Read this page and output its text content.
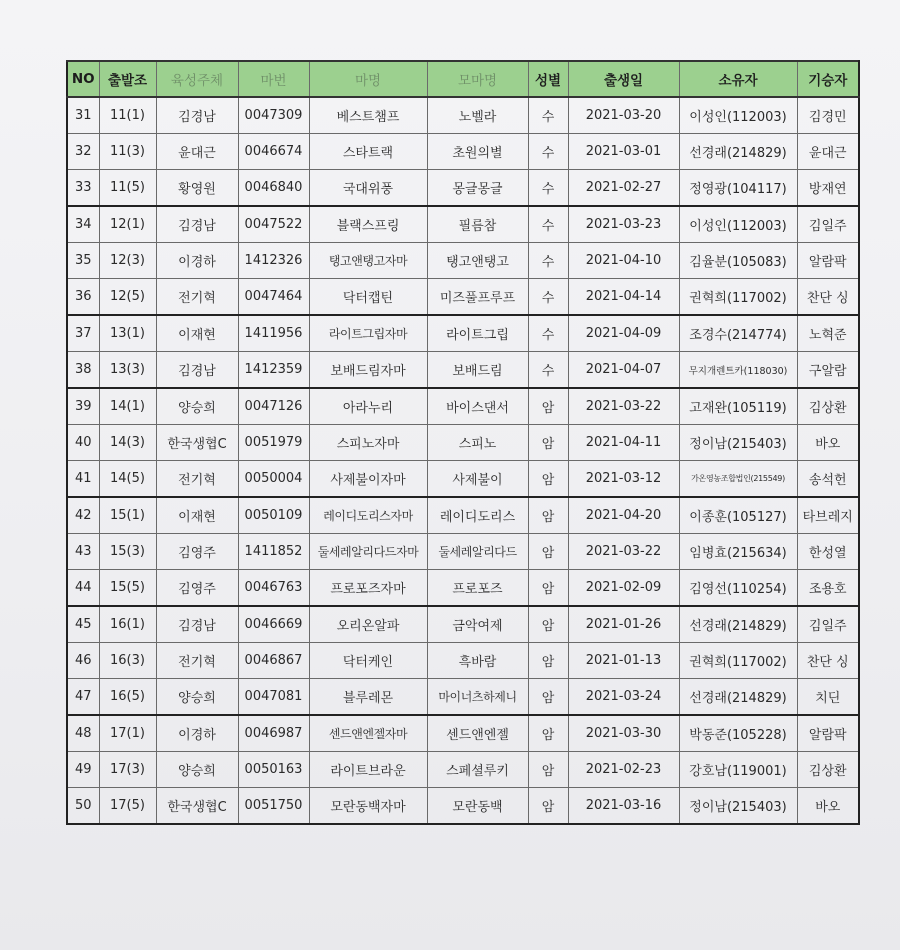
NO	출발조	육성주체	마번	마명	모마명	성별	출생일	소유자	기승자
31	11(1)	김경남	0047309	베스트챔프	노벨라	수	2021-03-20	이성인(112003)	김경민
32	11(3)	윤대근	0046674	스타트랙	초원의별	수	2021-03-01	선경래(214829)	윤대근
33	11(5)	황영원	0046840	국대위풍	몽글몽글	수	2021-02-27	정영광(104117)	방재연
34	12(1)	김경남	0047522	블랙스프링	필름참	수	2021-03-23	이성인(112003)	김일주
35	12(3)	이경하	1412326	탱고앤탱고자마	탱고앤탱고	수	2021-04-10	김율분(105083)	알람팍
36	12(5)	전기혁	0047464	닥터캡틴	미즈풀프루프	수	2021-04-14	권혁희(117002)	찬단 싱
37	13(1)	이재현	1411956	라이트그립자마	라이트그립	수	2021-04-09	조경수(214774)	노혁준
38	13(3)	김경남	1412359	보배드림자마	보배드림	수	2021-04-07	무지개렌트카(118030)	구알람
39	14(1)	양승희	0047126	아라누리	바이스댄서	암	2021-03-22	고재완(105119)	김상환
40	14(3)	한국생협C	0051979	스피노자마	스피노	암	2021-04-11	정이남(215403)	바오
41	14(5)	전기혁	0050004	사제불이자마	사제불이	암	2021-03-12	가온영농조합법인(215549)	송석헌
42	15(1)	이재현	0050109	레이디도리스자마	레이디도리스	암	2021-04-20	이종훈(105127)	타브레지
43	15(3)	김영주	1411852	둘세레알리다드자마	둘세레알리다드	암	2021-03-22	임병효(215634)	한성열
44	15(5)	김영주	0046763	프로포즈자마	프로포즈	암	2021-02-09	김영선(110254)	조용호
45	16(1)	김경남	0046669	오리온알파	금악여제	암	2021-01-26	선경래(214829)	김일주
46	16(3)	전기혁	0046867	닥터케인	흑바람	암	2021-01-13	권혁희(117002)	찬단 싱
47	16(5)	양승희	0047081	블루레몬	마이너츠하제니	암	2021-03-24	선경래(214829)	치딘
48	17(1)	이경하	0046987	센드앤엔젤자마	센드앤엔젤	암	2021-03-30	박동준(105228)	알람팍
49	17(3)	양승희	0050163	라이트브라운	스페셜루키	암	2021-02-23	강호남(119001)	김상환
50	17(5)	한국생협C	0051750	모란동백자마	모란동백	암	2021-03-16	정이남(215403)	바오
